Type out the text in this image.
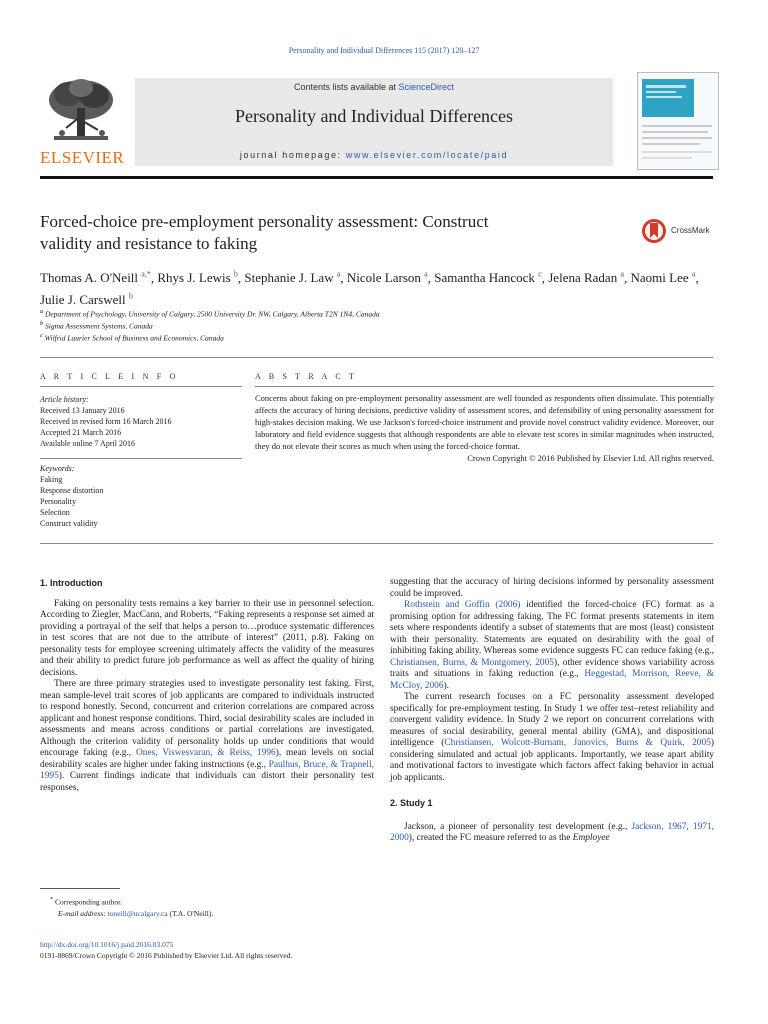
Personality and Individual Differences 115 (2017) 120–127
ELSEVIER
Contents lists available at ScienceDirect
Personality and Individual Differences
journal homepage: www.elsevier.com/locate/paid
Forced-choice pre-employment personality assessment: Construct
validity and resistance to faking
CrossMark
Thomas A. O'Neill $^{a,*}$, Rhys J. Lewis $^b$, Stephanie J. Law $^a$, Nicole Larson $^a$, Samantha Hancock $^c$, Jelena Radan $^a$, Naomi Lee $^a$, Julie J. Carswell $^b$
$^a$ Department of Psychology, University of Calgary, 2500 University Dr. NW, Calgary, Alberta T2N 1N4, Canada
$^b$ Sigma Assessment Systems, Canada
$^c$ Wilfrid Laurier School of Business and Economics, Canada
A R T I C L E I N F O
Article history:
Received 13 January 2016
Received in revised form 16 March 2016
Accepted 21 March 2016
Available online 7 April 2016
Keywords:
Faking
Response distortion
Personality
Selection
Construct validity
A B S T R A C T
Concerns about faking on pre-employment personality assessment are well founded as respondents often dissimulate. This potentially affects the accuracy of hiring decisions, predictive validity of assessment scores, and defensibility of using personality assessment for high-stakes decision making. We use Jackson's forced-choice instrument and provide novel construct validity evidence. Moreover, our laboratory and field evidence suggests that although respondents are able to elevate test scores in similar magnitudes when instructed, they do not elevate their scores as much when using the forced-choice format.
Crown Copyright © 2016 Published by Elsevier Ltd. All rights reserved.
1. Introduction

Faking on personality tests remains a key barrier to their use in personnel selection. According to Ziegler, MacCann, and Roberts, “Faking represents a response set aimed at providing a portrayal of the self that helps a person to…produce systematic differences in test scores that are not due to the attribute of interest” (2011, p.8). Faking on personality tests for employee screening ultimately affects the validity of the measures and their ability to predict future job performance as well as affect the quality of hiring decisions.

There are three primary strategies used to investigate personality test faking. First, mean sample-level trait scores of job applicants are compared to individuals instructed to respond honestly. Second, concurrent and criterion correlations are compared across applicant and honest response conditions. Third, social desirability scales are included in assessments and means across conditions or partial correlations are investigated. Although the criterion validity of personality holds up under conditions that would encourage faking (e.g., Ones, Viswesvaran, & Reiss, 1996), mean levels on social desirability scales are higher under faking instructions (e.g., Paulhus, Bruce, & Trapnell, 1995). Current findings indicate that individuals can distort their personality test responses,

suggesting that the accuracy of hiring decisions informed by personality assessment could be improved.

Rothstein and Goffin (2006) identified the forced-choice (FC) format as a promising option for addressing faking. The FC format presents statements in item sets where respondents identify a subset of statements that are most (least) consistent with their personality. Statements are equated on desirability with the goal of inhibiting faking ability. Whereas some evidence suggests FC can reduce faking (e.g., Christiansen, Burns, & Montgomery, 2005), other evidence shows variability across traits and situations in faking reduction (e.g., Heggestad, Morrison, Reeve, & McCloy, 2006).

The current research focuses on a FC personality assessment developed specifically for pre-employment testing. In Study 1 we offer test–retest reliability and convergent validity evidence. In Study 2 we report on concurrent correlations with measures of social desirability, general mental ability (GMA), and dispositional intelligence (Christiansen, Wolcott-Burnam, Janovics, Burns & Quirk, 2005) considering simulated and actual job applicants. Importantly, we tease apart ability and motivational factors to investigate which factors affect faking behavior in actual job applicants.

2. Study 1

Jackson, a pioneer of personality test development (e.g., Jackson, 1967, 1971, 2000), created the FC measure referred to as the Employee

* Corresponding author.
E-mail address: toneill@ucalgary.ca (T.A. O'Neill).
http://dx.doi.org/10.1016/j.paid.2016.03.075
0191-8869/Crown Copyright © 2016 Published by Elsevier Ltd. All rights reserved.
